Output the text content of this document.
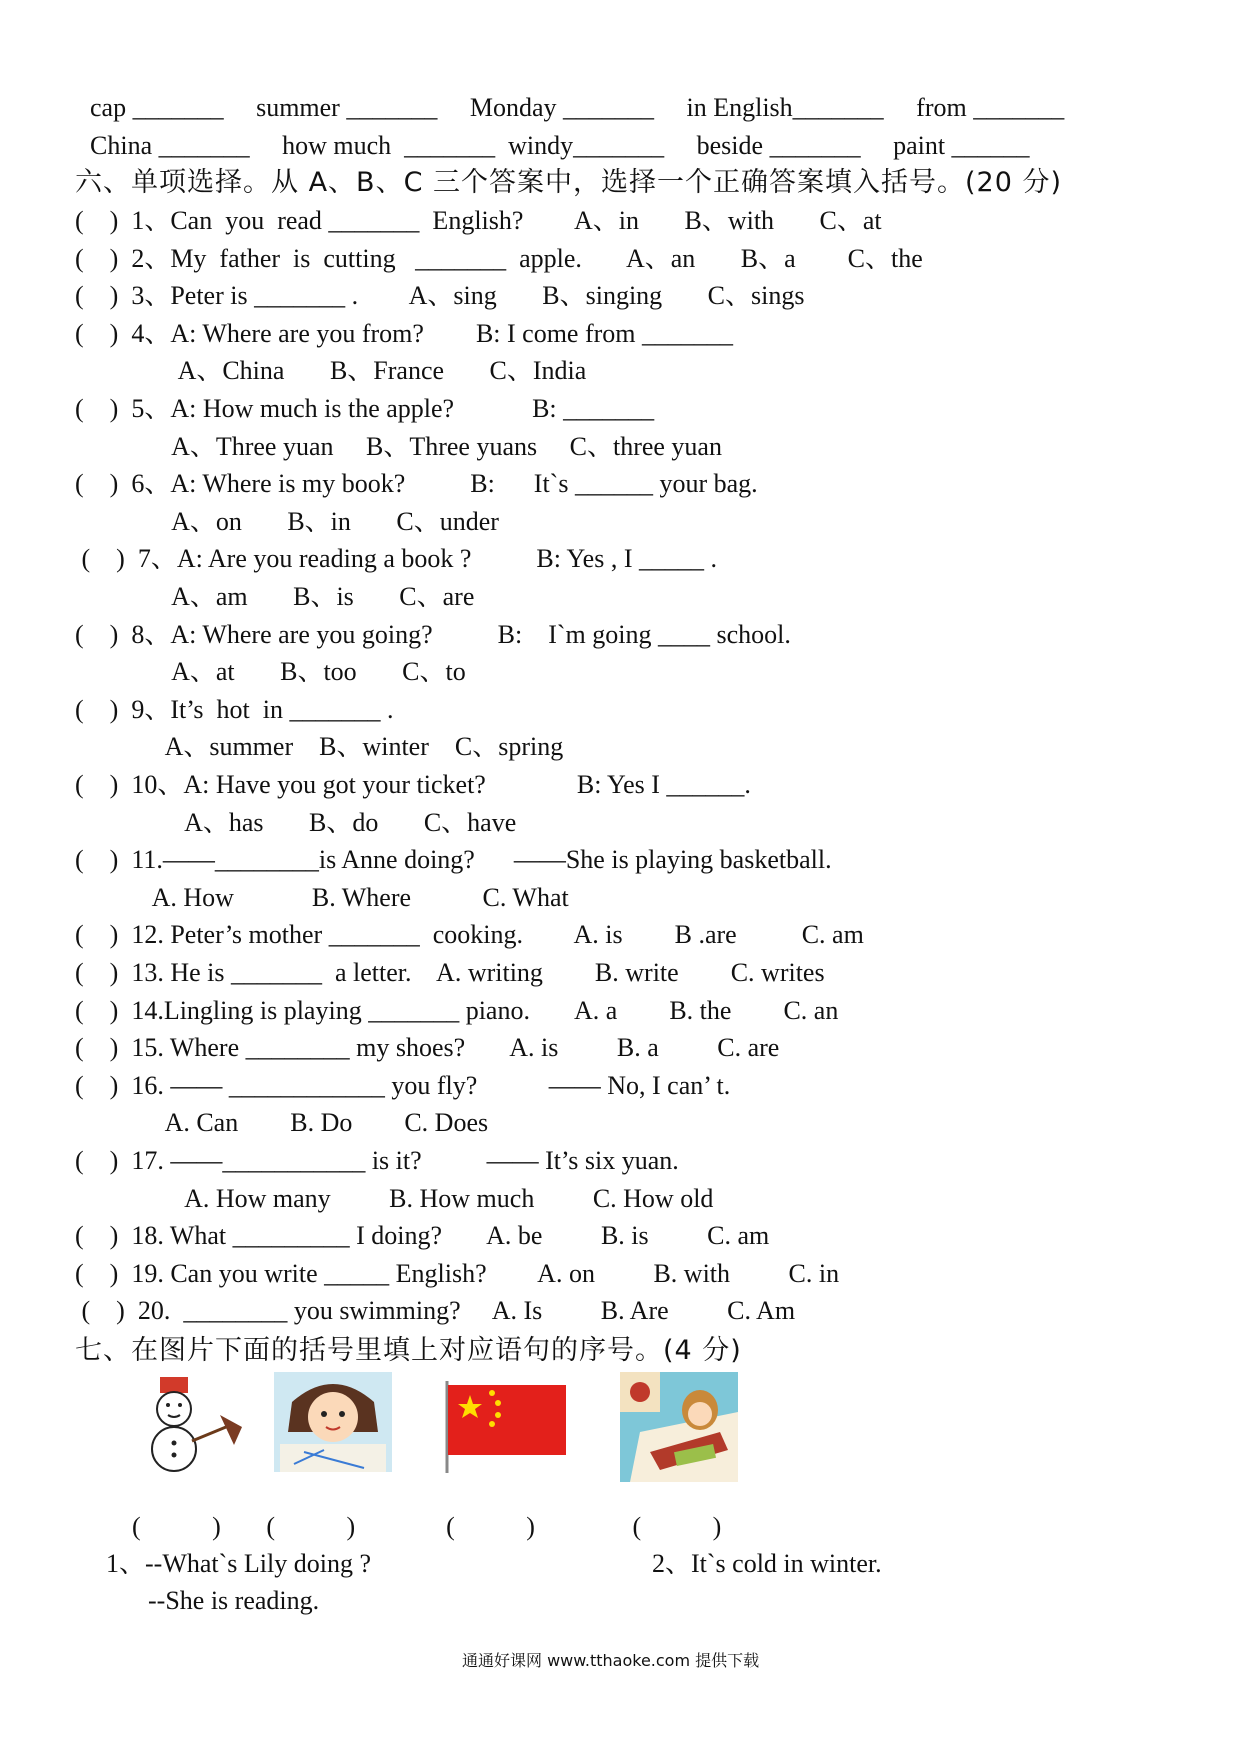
cap _______     summer _______     Monday _______     in English_______     from _______
China _______     how much  _______  windy_______     beside _______     paint ______
六、单项选择。从 A、B、C 三个答案中，选择一个正确答案填入括号。(20 分)
(    )  1、Can  you  read _______  English?        A、in       B、with       C、at
(    )  2、My  father  is  cutting   _______  apple.       A、an       B、a        C、the
(    )  3、Peter is _______ .        A、sing       B、singing       C、sings
(    )  4、A: Where are you from?        B: I come from _______
A、China       B、France       C、India
(    )  5、A: How much is the apple?            B: _______
A、Three yuan     B、Three yuans     C、three yuan
(    )  6、A: Where is my book?          B:      It`s ______ your bag.
A、on       B、in       C、under
(    )  7、A: Are you reading a book ?          B: Yes , I _____ .
A、am       B、is       C、are
(    )  8、A: Where are you going?          B:    I`m going ____ school.
A、at       B、too       C、to
(    )  9、It’s  hot  in _______ .
A、summer    B、winter    C、spring
(    )  10、A: Have you got your ticket?              B: Yes I ______.
A、has       B、do       C、have
(    )  11.——________is Anne doing?      ——She is playing basketball.
A. How            B. Where           C. What
(    )  12. Peter’s mother _______  cooking.        A. is        B .are          C. am
(    )  13. He is _______  a letter.    A. writing        B. write        C. writes
(    )  14.Lingling is playing _______ piano.       A. a        B. the        C. an
(    )  15. Where ________ my shoes?       A. is         B. a         C. are
(    )  16. —— ____________ you fly?           —— No, I can’ t.
A. Can        B. Do        C. Does
(    )  17. ——___________ is it?          —— It’s six yuan.
A. How many         B. How much         C. How old
(    )  18. What _________ I doing?       A. be         B. is         C. am
(    )  19. Can you write _____ English?        A. on         B. with         C. in
(    )  20.  ________ you swimming?     A. Is         B. Are         C. Am
七、在图片下面的括号里填上对应语句的序号。(4 分)
(           )       (           )              (           )               (           )
1、--What`s Lily doing ?
--She is reading.
2、It`s cold in winter.
通通好课网 www.tthaoke.com 提供下载
